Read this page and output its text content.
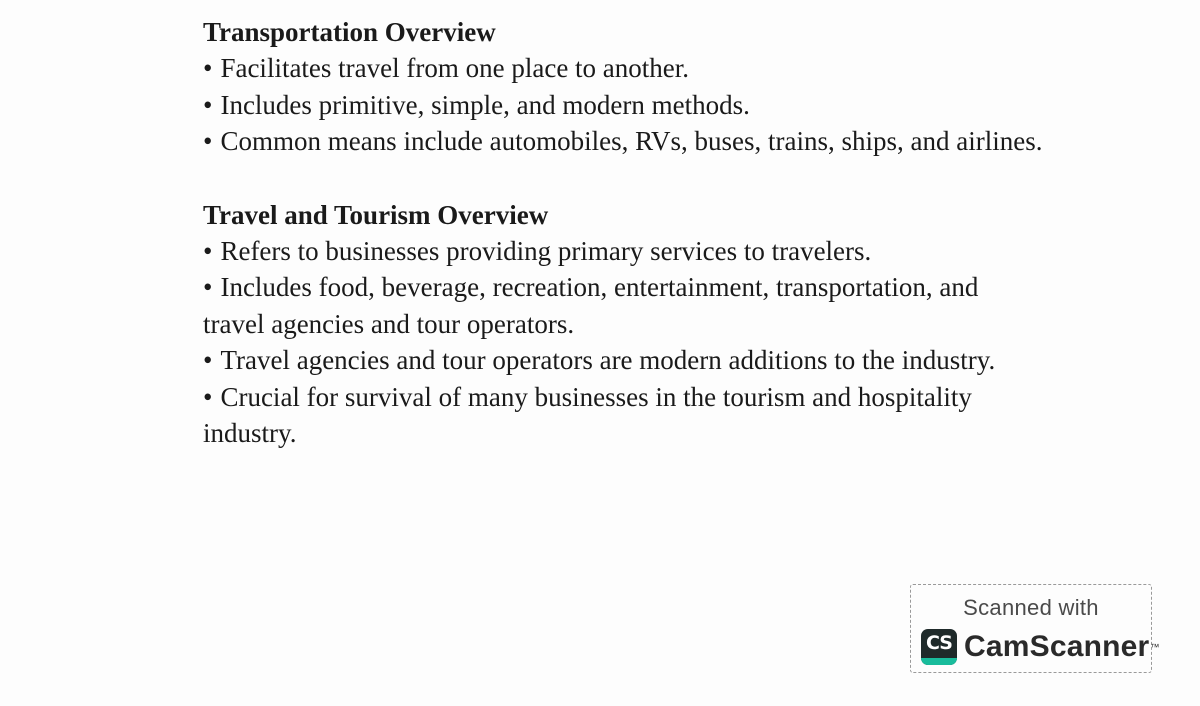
Transportation Overview

• Facilitates travel from one place to another.
• Includes primitive, simple, and modern methods.
• Common means include automobiles, RVs, buses, trains, ships, and airlines.

Travel and Tourism Overview

• Refers to businesses providing primary services to travelers.
• Includes food, beverage, recreation, entertainment, transportation, and travel agencies and tour operators.
• Travel agencies and tour operators are modern additions to the industry.
• Crucial for survival of many businesses in the tourism and hospitality industry.
Scanned with
CS CamScanner ™
